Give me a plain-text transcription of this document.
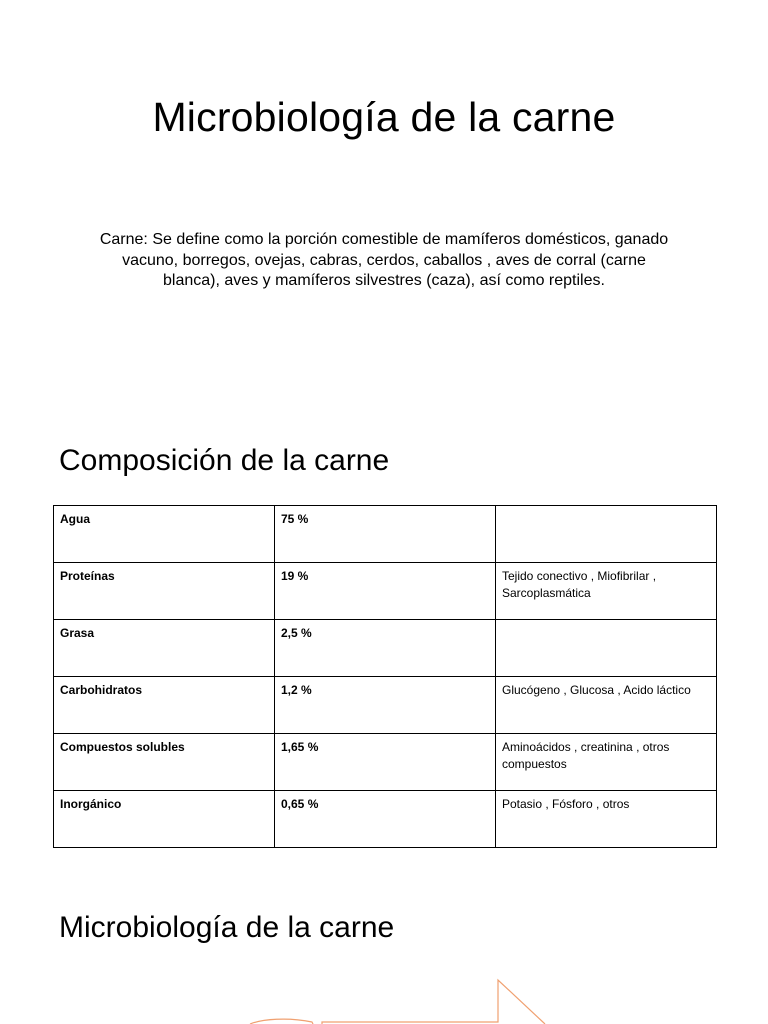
Microbiología de la carne

Carne: Se define como la porción comestible de mamíferos domésticos, ganado vacuno, borregos, ovejas, cabras, cerdos, caballos , aves de corral (carne blanca), aves y mamíferos silvestres (caza), así como reptiles.

Composición de la carne
Agua	75 %	
Proteínas	19 %	Tejido conectivo , Miofibrilar , Sarcoplasmática
Grasa	2,5 %	
Carbohidratos	1,2 %	Glucógeno , Glucosa , Acido láctico
Compuestos solubles	1,65 %	Aminoácidos , creatinina , otros compuestos
Inorgánico	0,65 %	Potasio , Fósforo , otros
Microbiología de la carne
